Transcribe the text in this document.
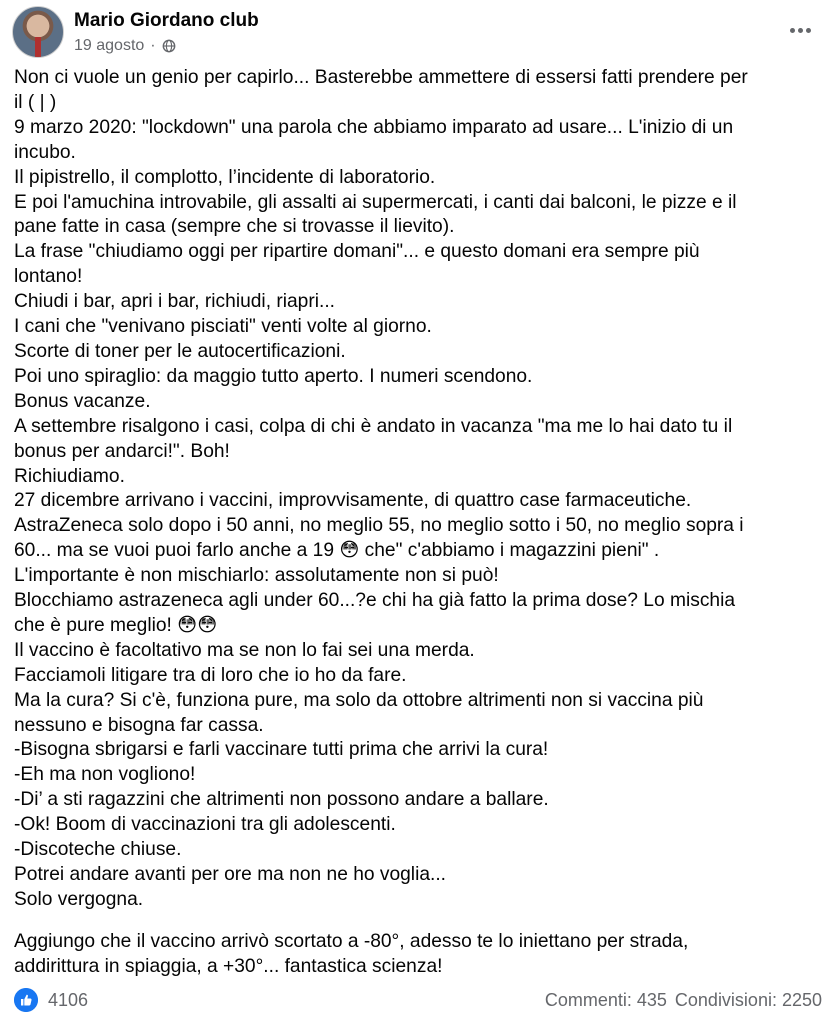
Mario Giordano club
19 agosto ·
Non ci vuole un genio per capirlo... Basterebbe ammettere di essersi fatti prendere per
il ( | )
9 marzo 2020: "lockdown" una parola che abbiamo imparato ad usare... L'inizio di un
incubo.
Il pipistrello, il complotto, l’incidente di laboratorio.
E poi l'amuchina introvabile, gli assalti ai supermercati, i canti dai balconi, le pizze e il
pane fatte in casa (sempre che si trovasse il lievito).
La frase "chiudiamo oggi per ripartire domani"... e questo domani era sempre più
lontano!
Chiudi i bar, apri i bar, richiudi, riapri...
I cani che "venivano pisciati" venti volte al giorno.
Scorte di toner per le autocertificazioni.
Poi uno spiraglio: da maggio tutto aperto. I numeri scendono.
Bonus vacanze.
A settembre risalgono i casi, colpa di chi è andato in vacanza "ma me lo hai dato tu il
bonus per andarci!". Boh!
Richiudiamo.
27 dicembre arrivano i vaccini, improvvisamente, di quattro case farmaceutiche.
AstraZeneca solo dopo i 50 anni, no meglio 55, no meglio sotto i 50, no meglio sopra i
60... ma se vuoi puoi farlo anche a 19 😳 che" c'abbiamo i magazzini pieni" .
L'importante è non mischiarlo: assolutamente non si può!
Blocchiamo astrazeneca agli under 60...?e chi ha già fatto la prima dose? Lo mischia
che è pure meglio! 😳😳
Il vaccino è facoltativo ma se non lo fai sei una merda.
Facciamoli litigare tra di loro che io ho da fare.
Ma la cura? Si c'è, funziona pure, ma solo da ottobre altrimenti non si vaccina più
nessuno e bisogna far cassa.
-Bisogna sbrigarsi e farli vaccinare tutti prima che arrivi la cura!
-Eh ma non vogliono!
-Di’ a sti ragazzini che altrimenti non possono andare a ballare.
-Ok! Boom di vaccinazioni tra gli adolescenti.
-Discoteche chiuse.
Potrei andare avanti per ore ma non ne ho voglia...
Solo vergogna.
Aggiungo che il vaccino arrivò scortato a -80°, adesso te lo iniettano per strada,
addirittura in spiaggia, a +30°... fantastica scienza!
4106	Commenti: 435 Condivisioni: 2250
